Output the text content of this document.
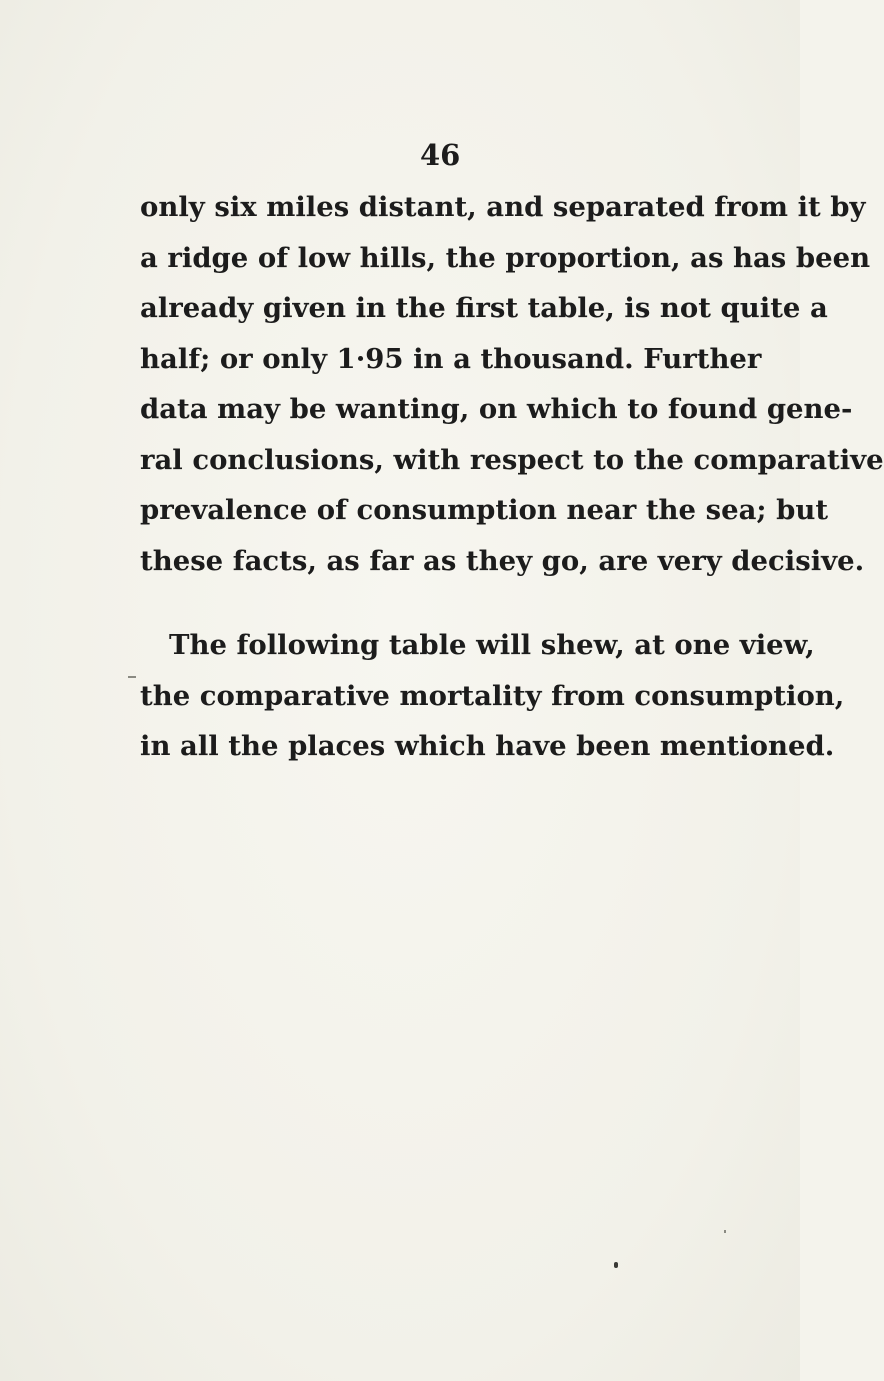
46
only six miles distant, and separated from it by
a ridge of low hills, the proportion, as has been
already given in the first table, is not quite a
half; or only 1·95 in a thousand. Further
data may be wanting, on which to found gene-
ral conclusions, with respect to the comparative
prevalence of consumption near the sea; but
these facts, as far as they go, are very decisive.
The following table will shew, at one view,
the comparative mortality from consumption,
in all the places which have been mentioned.
